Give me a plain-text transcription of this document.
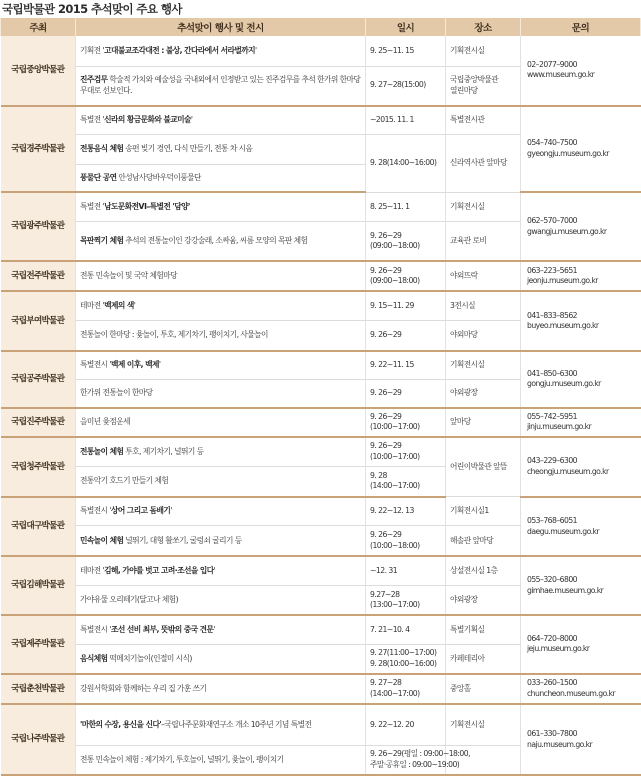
국립박물관 2015 추석맞이 주요 행사
주최	추석맞이 행사 및 전시	일시	장소	문의
국립중앙박물관	기획전 '고대불교조각대전 : 불상, 간다라에서 서라벌까지'	9. 25∼11. 15	기획전시실	02–2077–9000
www.museum.go.kr

	진주검무 학술적 가치와 예술성을 국내외에서 인정받고 있는 진주검무를 추석 한가위 한마당 무대로 선보인다.	9. 27∼28(15:00)	국립중앙박물관
열린마당	

국립경주박물관	특별전 '신라의 황금문화와 불교미술'	∼2015. 11. 1	특별전시관	054–740–7500
gyeongju.museum.go.kr

	전통음식 체험 송편 빚기 경연, 다식 만들기, 전통 차 시음	9. 28(14:00∼16:00)	신라역사관 앞마당	

	풍물단 공연 안성남사당바우덕이풍물단			
국립광주박물관	특별전 '남도문화전Ⅵ–특별전 '담양'	8. 25∼11. 1	기획전시실	062–570–7000
gwangju.museum.go.kr

	목판찍기 체험 추석의 전통놀이인 강강술래, 소싸움, 씨름 모양의 목판 체험	9. 26∼29
(09:00∼18:00)	교육관 로비	

국립전주박물관	전통 민속놀이 및 국악 체험마당	9. 26∼29
(09:00∼18:00)	야외뜨락	063–223–5651
jeonju.museum.go.kr

국립부여박물관	테마전 '백제의 색'	9. 15∼11. 29	3전시실	041–833–8562
buyeo.museum.go.kr

	전통놀이 한마당 : 윷놀이, 투호, 제기차기, 팽이치기, 사물놀이	9. 26∼29	야외마당	

국립공주박물관	특별전시 '백제 이후, 백제'	9. 22∼11. 15	기획전시실	041–850–6300
gongju.museum.go.kr

	한가위 전통놀이 한마당	9. 26∼29	야외광장	

국립진주박물관	을미년 윷점운세	9. 26∼29
(10:00∼17:00)	앞마당	055–742–5951
jinju.museum.go.kr

국립청주박물관	전통놀이 체험 투호, 제기차기, 널뛰기 등	9. 26∼29
(10:00∼17:00)	어린이박물관 앞뜰	043–229–6300
cheongju.museum.go.kr

	전통악기 호드기 만들기 체험	9. 28
(14:00∼17:00)		

국립대구박물관	특별전시 '상어 그리고 돔배기'	9. 22∼12. 13	기획전시실1	053–768–6051
daegu.museum.go.kr

	민속놀이 체험 널뛰기, 대형 활쏘기, 굴렁쇠 굴리기 등	9. 26∼29
(10:00∼18:00)	해솔관 앞마당	

국립김해박물관	테마전 '김해, 가야를 벗고 고려·조선을 입다'	∼12. 31	상설전시실 1층	055–320–6800
gimhae.museum.go.kr

	가야유물 오리떼기(달고나 체험)	9.27∼28
(13:00∼17:00)	야외광장	

국립제주박물관	특별전시 '조선 선비 최부, 뜻밖의 중국 견문'	7. 21∼10. 4	특별기획실	064–720–8000
jeju.museum.go.kr

	음식체험 떡메치기놀이(인절미 시식)	9. 27(11:00∼17:00)
9. 28(10:00∼16:00)	카페테리아	

국립춘천박물관	강원서학회와 함께하는 우리 집 가훈 쓰기	9. 27∼28
(14:00∼17:00)	중앙홀	033–260–1500
chuncheon.museum.go.kr

국립나주박물관	'마한의 수장, 용신을 신다'–국립나주문화재연구소 개소 10주년 기념 특별전	9. 22∼12. 20	기획전시실	061–330–7800
naju.museum.go.kr

	전통 민속놀이 체험 : 제기차기, 투호놀이, 널뛰기, 윷놀이, 팽이치기	9. 26∼29(평일 : 09:00∼18:00,
주말·공휴일 : 09:00∼19:00)		
